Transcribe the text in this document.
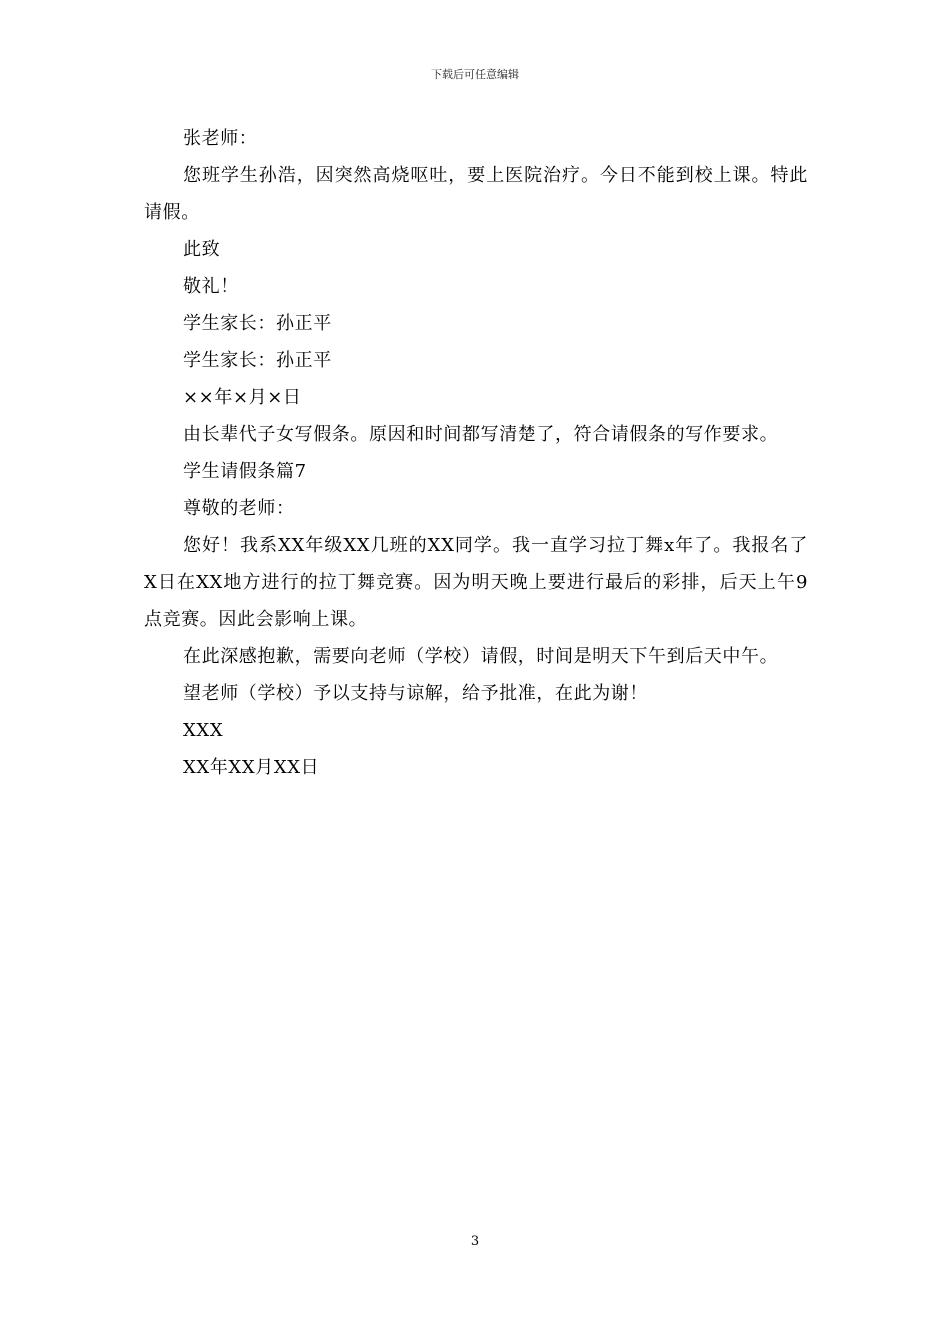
下载后可任意编辑

张老师：

您班学生孙浩，因突然高烧呕吐，要上医院治疗。今日不能到校上课。特此请假。

此致

敬礼！

学生家长：孙正平

学生家长：孙正平

××年×月×日

由长辈代子女写假条。原因和时间都写清楚了，符合请假条的写作要求。

学生请假条篇7

尊敬的老师：

您好！我系XX年级XX几班的XX同学。我一直学习拉丁舞x年了。我报名了X日在XX地方进行的拉丁舞竞赛。因为明天晚上要进行最后的彩排，后天上午9点竞赛。因此会影响上课。

在此深感抱歉，需要向老师（学校）请假，时间是明天下午到后天中午。

望老师（学校）予以支持与谅解，给予批准，在此为谢！

XXX

XX年XX月XX日

3
